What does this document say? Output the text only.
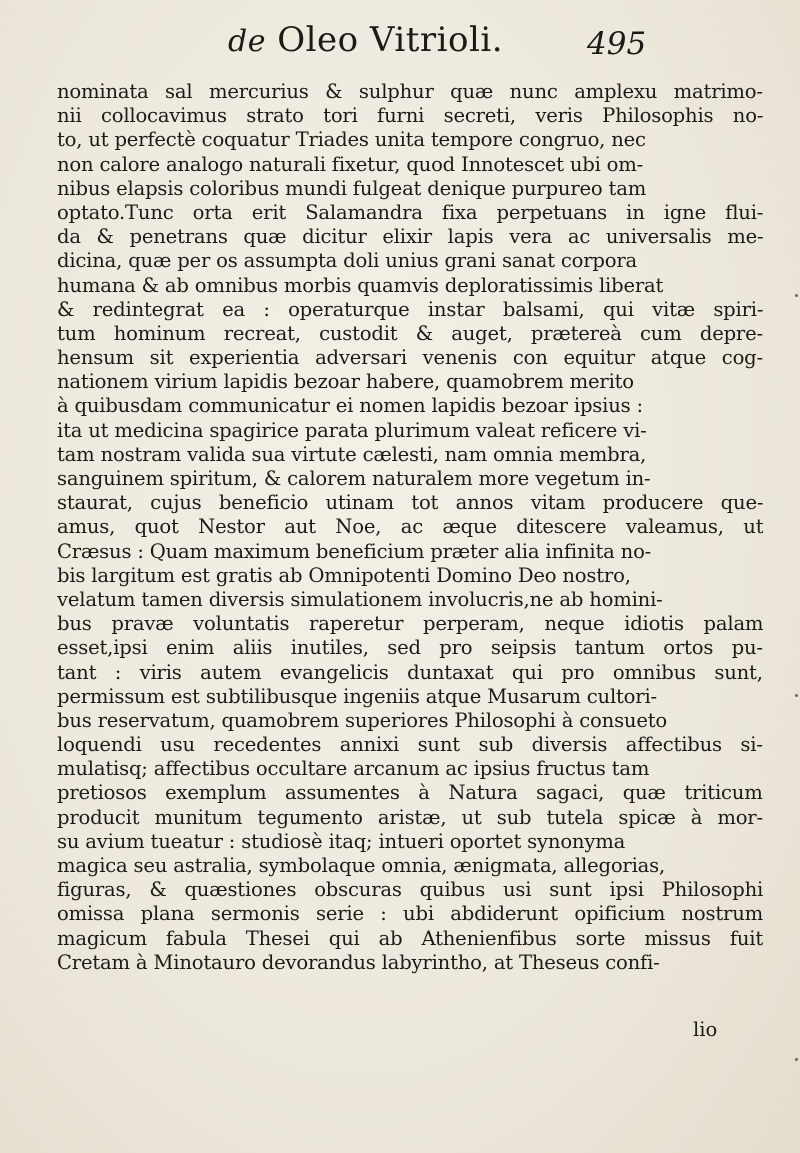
de Oleo Vitrioli.	495
nominata sal mercurius & sulphur quæ nunc amplexu matrimo-
nii collocavimus strato tori furni secreti, veris Philosophis no-
to, ut perfectè coquatur Triades unita tempore congruo, nec
non calore analogo naturali fixetur, quod Innotescet ubi om-
nibus elapsis coloribus mundi fulgeat denique purpureo tam
optato.Tunc orta erit Salamandra fixa perpetuans in igne flui-
da & penetrans quæ dicitur elixir lapis vera ac universalis me-
dicina, quæ per os assumpta doli unius grani sanat corpora
humana & ab omnibus morbis quamvis deploratissimis liberat
& redintegrat ea : operaturque instar balsami, qui vitæ spiri-
tum hominum recreat, custodit & auget, prætereà cum depre-
hensum sit experientia adversari venenis con equitur atque cog-
nationem virium lapidis bezoar habere, quamobrem merito
à quibusdam communicatur ei nomen lapidis bezoar ipsius :
ita ut medicina spagirice parata plurimum valeat reficere vi-
tam nostram valida sua virtute cælesti, nam omnia membra,
sanguinem spiritum, & calorem naturalem more vegetum in-
staurat, cujus beneficio utinam tot annos vitam producere que-
amus, quot Nestor aut Noe, ac æque ditescere valeamus, ut
Cræsus : Quam maximum beneficium præter alia infinita no-
bis largitum est gratis ab Omnipotenti Domino Deo nostro,
velatum tamen diversis simulationem involucris,ne ab homini-
bus pravæ voluntatis raperetur perperam, neque idiotis palam
esset,ipsi enim aliis inutiles, sed pro seipsis tantum ortos pu-
tant : viris autem evangelicis duntaxat qui pro omnibus sunt,
permissum est subtilibusque ingeniis atque Musarum cultori-
bus reservatum, quamobrem superiores Philosophi à consueto
loquendi usu recedentes annixi sunt sub diversis affectibus si-
mulatisq; affectibus occultare arcanum ac ipsius fructus tam
pretiosos exemplum assumentes à Natura sagaci, quæ triticum
producit munitum tegumento aristæ, ut sub tutela spicæ à mor-
su avium tueatur : studiosè itaq; intueri oportet synonyma
magica seu astralia, symbolaque omnia, ænigmata, allegorias,
figuras, & quæstiones obscuras quibus usi sunt ipsi Philosophi
omissa plana sermonis serie : ubi abdiderunt opificium nostrum
magicum fabula Thesei qui ab Athenienfibus sorte missus fuit
Cretam à Minotauro devorandus labyrintho, at Theseus confi-
lio
